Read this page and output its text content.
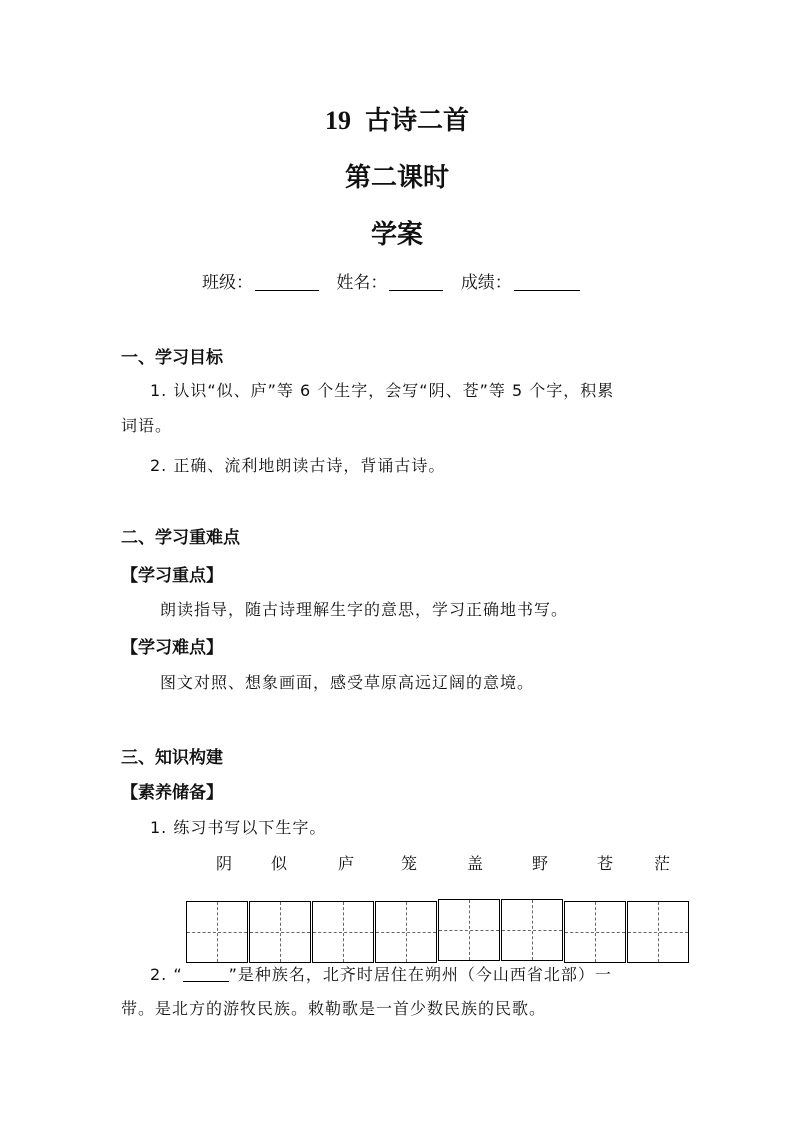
19 古诗二首
第二课时
学案
班级：	姓名：	成绩：
一、学习目标
1. 认识“似、庐”等 6 个生字，会写“阴、苍”等 5 个字，积累
词语。
2. 正确、流利地朗读古诗，背诵古诗。
二、学习重难点
【学习重点】
朗读指导，随古诗理解生字的意思，学习正确地书写。
【学习难点】
图文对照、想象画面，感受草原高远辽阔的意境。
三、知识构建
【素养储备】
1. 练习书写以下生字。
阴 似	庐	笼	盖	野	苍	茫
2. “	”是种族名，北齐时居住在朔州（今山西省北部）一
带。是北方的游牧民族。敕勒歌是一首少数民族的民歌。
